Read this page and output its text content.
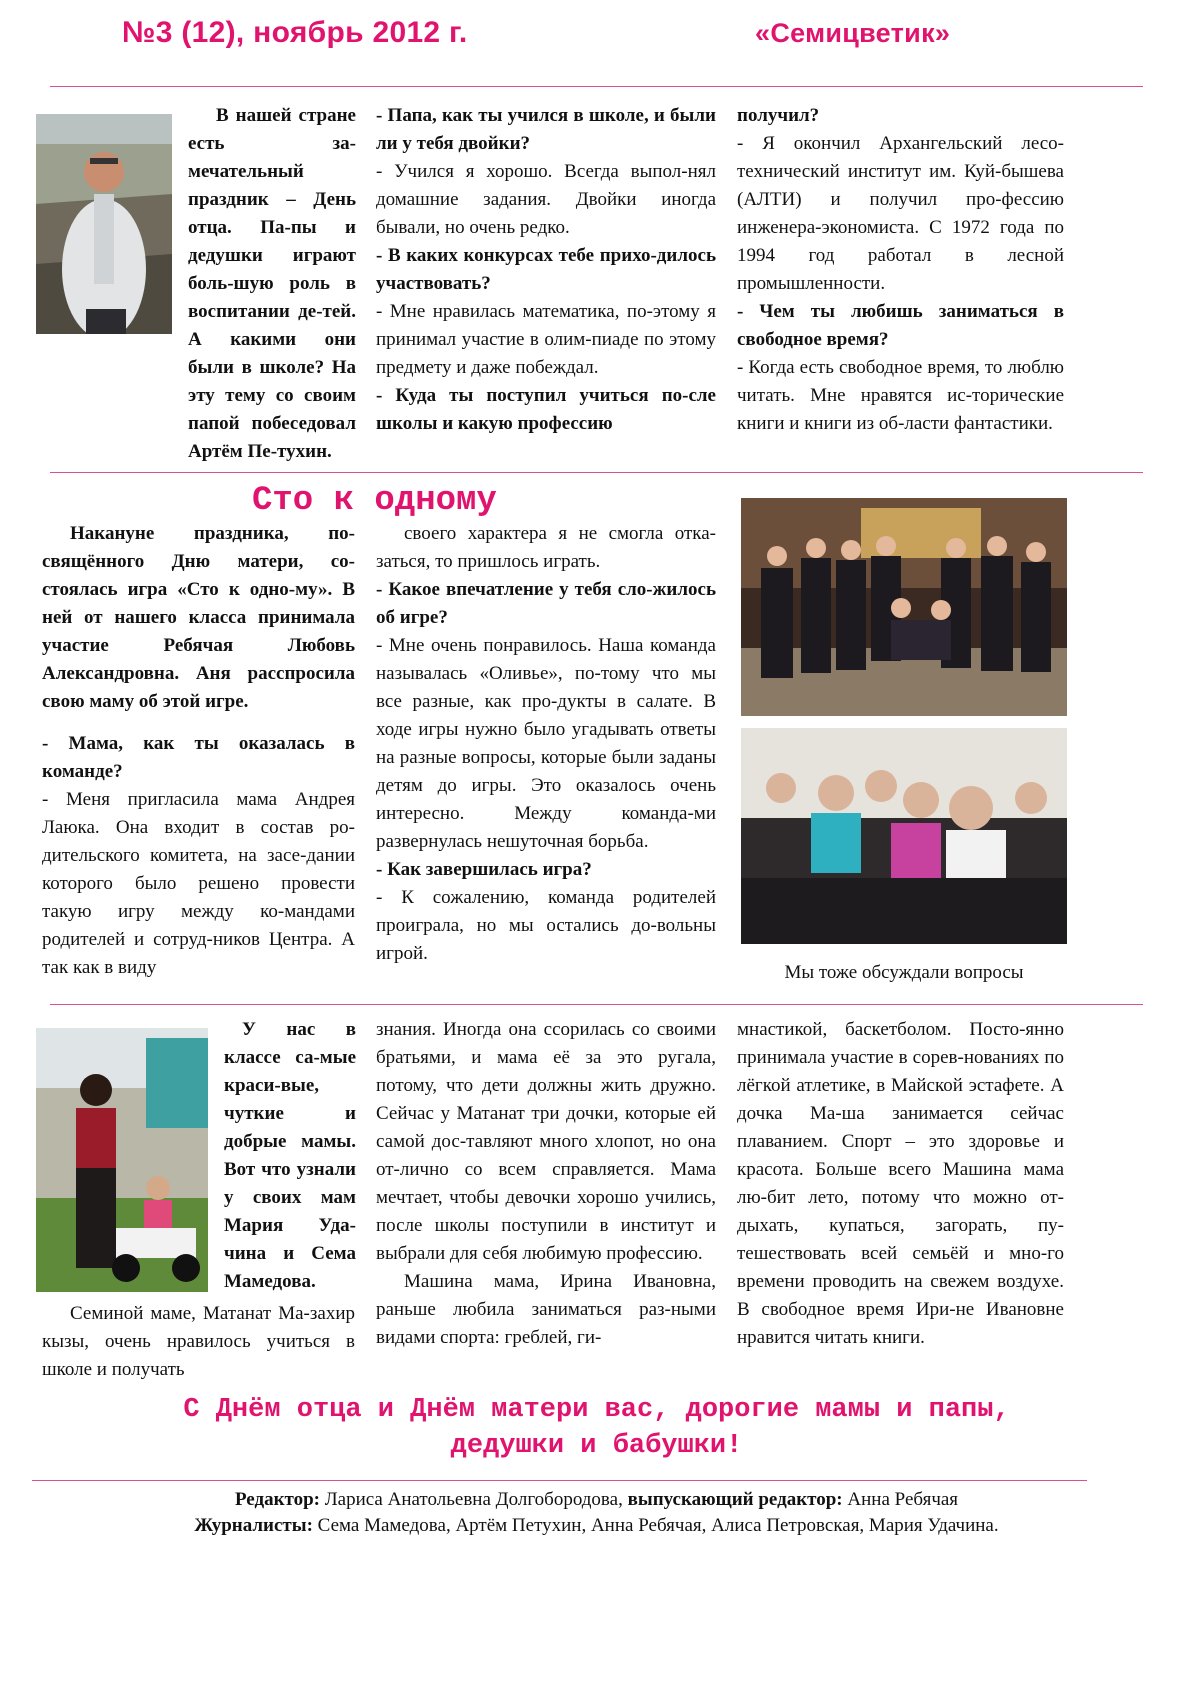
№3 (12), ноябрь 2012 г.	«Семицветик»

В нашей стране есть за-мечательный праздник – День отца. Па-пы и дедушки играют боль-шую роль в воспитании де-тей. А какими они были в школе? На эту тему со своим папой побеседовал Артём Пе-тухин.

- Папа, как ты учился в школе, и были ли у тебя двойки?

- Учился я хорошо. Всегда выпол-нял домашние задания. Двойки иногда бывали, но очень редко.

- В каких конкурсах тебе прихо-дилось участвовать?

- Мне нравилась математика, по-этому я принимал участие в олим-пиаде по этому предмету и даже побеждал.

- Куда ты поступил учиться по-сле школы и какую профессию

получил?

- Я окончил Архангельский лесо-технический институт им. Куй-бышева (АЛТИ) и получил про-фессию инженера-экономиста. С 1972 года по 1994 год работал в лесной промышленности.

- Чем ты любишь заниматься в свободное время?

- Когда есть свободное время, то люблю читать. Мне нравятся ис-торические книги и книги из об-ласти фантастики.

Сто к одному

Накануне праздника, по-свящённого Дню матери, со-стоялась игра «Сто к одно-му». В ней от нашего класса принимала участие Ребячая Любовь Александровна. Аня расспросила свою маму об этой игре.

- Мама, как ты оказалась в команде?

- Меня пригласила мама Андрея Лаюка. Она входит в состав ро-дительского комитета, на засе-дании которого было решено провести такую игру между ко-мандами родителей и сотруд-ников Центра. А так как в виду

своего характера я не смогла отка-заться, то пришлось играть.

- Какое впечатление у тебя сло-жилось об игре?

- Мне очень понравилось. Наша команда называлась «Оливье», по-тому что мы все разные, как про-дукты в салате. В ходе игры нужно было угадывать ответы на разные вопросы, которые были заданы детям до игры. Это оказалось очень интересно. Между команда-ми развернулась нешуточная борьба.

- Как завершилась игра?

- К сожалению, команда родителей проиграла, но мы остались до-вольны игрой.

Мы тоже обсуждали вопросы

У нас в классе са-мые краси-вые, чуткие и добрые мамы. Вот что узнали у своих мам Мария Уда-чина и Сема Мамедова.

Семиной маме, Матанат Ма-захир кызы, очень нравилось учиться в школе и получать

знания. Иногда она ссорилась со своими братьями, и мама её за это ругала, потому, что дети должны жить дружно. Сейчас у Матанат три дочки, которые ей самой дос-тавляют много хлопот, но она от-лично со всем справляется. Мама мечтает, чтобы девочки хорошо учились, после школы поступили в институт и выбрали для себя любимую профессию.

Машина мама, Ирина Ивановна, раньше любила заниматься раз-ными видами спорта: греблей, ги-

мнастикой, баскетболом. Посто-янно принимала участие в сорев-нованиях по лёгкой атлетике, в Майской эстафете. А дочка Ма-ша занимается сейчас плаванием. Спорт – это здоровье и красота. Больше всего Машина мама лю-бит лето, потому что можно от-дыхать, купаться, загорать, пу-тешествовать всей семьёй и мно-го времени проводить на свежем воздухе. В свободное время Ири-не Ивановне нравится читать книги.

С Днём отца и Днём матери вас, дорогие мамы и папы,
дедушки и бабушки!
Редактор: Лариса Анатольевна Долгобородова, выпускающий редактор: Анна Ребячая
Журналисты: Сема Мамедова, Артём Петухин, Анна Ребячая, Алиса Петровская, Мария Удачина.
